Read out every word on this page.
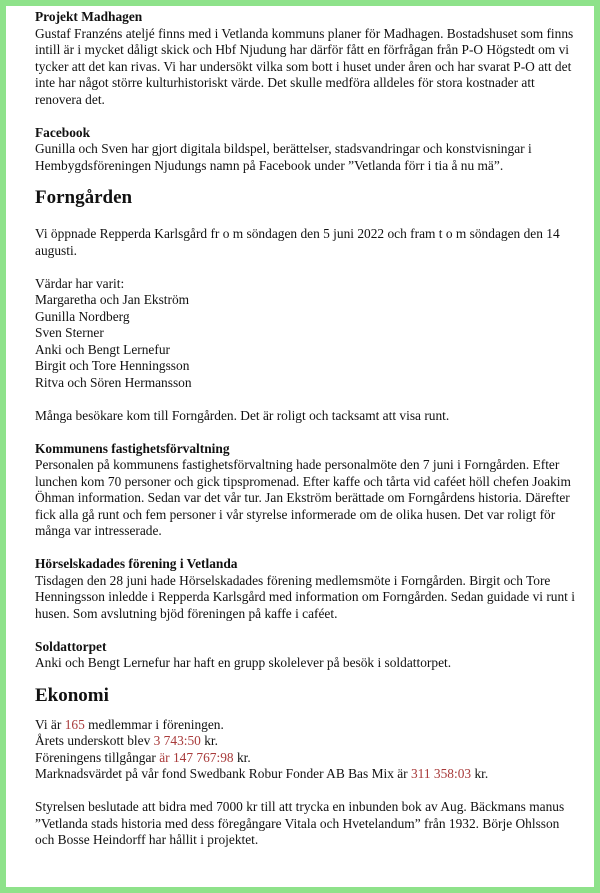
Projekt Madhagen
Gustaf Franzéns ateljé finns med i Vetlanda kommuns planer för Madhagen. Bostadshuset som finns intill är i mycket dåligt skick och Hbf Njudung har därför fått en förfrågan från P-O Högstedt om vi tycker att det kan rivas. Vi har undersökt vilka som bott i huset under åren och har svarat P-O att det inte har något större kulturhistoriskt värde. Det skulle medföra alldeles för stora kostnader att renovera det.
Facebook
Gunilla och Sven har gjort digitala bildspel, berättelser, stadsvandringar och konstvisningar i Hembygdsföreningen Njudungs namn på Facebook under ”Vetlanda förr i tia å nu mä”.
Forngården
Vi öppnade Repperda Karlsgård fr o m söndagen den 5 juni 2022 och fram t o m söndagen den 14 augusti.
Värdar har varit:
Margaretha och Jan Ekström
Gunilla Nordberg
Sven Sterner
Anki och Bengt Lernefur
Birgit och Tore Henningsson
Ritva och Sören Hermansson
Många besökare kom till Forngården. Det är roligt och tacksamt att visa runt.
Kommunens fastighetsförvaltning
Personalen på kommunens fastighetsförvaltning hade personalmöte den 7 juni i Forngården. Efter lunchen kom 70 personer och gick tipspromenad. Efter kaffe och tårta vid caféet höll chefen Joakim Öhman information. Sedan var det vår tur. Jan Ekström berättade om Forngårdens historia. Därefter fick alla gå runt och fem personer i vår styrelse informerade om de olika husen. Det var roligt för många var intresserade.
Hörselskadades förening i Vetlanda
Tisdagen den 28 juni hade Hörselskadades förening medlemsmöte i Forngården. Birgit och Tore Henningsson inledde i Repperda Karlsgård med information om Forngården. Sedan guidade vi runt i husen. Som avslutning bjöd föreningen på kaffe i caféet.
Soldattorpet
Anki och Bengt Lernefur har haft en grupp skolelever på besök i soldattorpet.
Ekonomi
Vi är 165 medlemmar i föreningen.
Årets underskott blev 3 743:50 kr.
Föreningens tillgångar är 147 767:98 kr.
Marknadsvärdet på vår fond Swedbank Robur Fonder AB Bas Mix är 311 358:03 kr.
Styrelsen beslutade att bidra med 7000 kr till att trycka en inbunden bok av Aug. Bäckmans manus ”Vetlanda stads historia med dess föregångare Vitala och Hvetelandum” från 1932. Börje Ohlsson och Bosse Heindorff har hållit i projektet.
